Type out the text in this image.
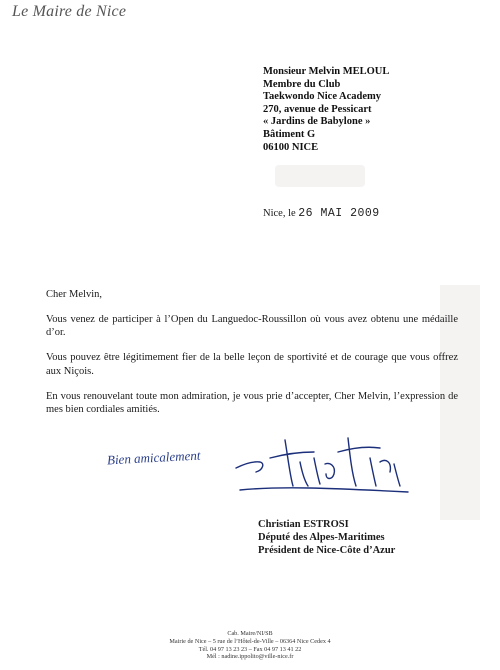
Le Maire de Nice
Monsieur Melvin MELOUL
Membre du Club
Taekwondo Nice Academy
270, avenue de Pessicart
« Jardins de Babylone »
Bâtiment G
06100 NICE
Nice, le 26 MAI 2009

Cher Melvin,

Vous venez de participer à l’Open du Languedoc-Roussillon où vous avez obtenu une médaille d’or.

Vous pouvez être légitimement fier de la belle leçon de sportivité et de courage que vous offrez aux Niçois.

En vous renouvelant toute mon admiration, je vous prie d’accepter, Cher Melvin, l’expression de mes bien cordiales amitiés.

Bien amicalement
Christian ESTROSI
Député des Alpes-Maritimes
Président de Nice-Côte d’Azur
Cab. Maire/NI/SB
Mairie de Nice – 5 rue de l’Hôtel-de-Ville – 06364 Nice Cedex 4
Tél. 04 97 13 23 23 – Fax 04 97 13 41 22
Mél : nadine.ippolito@ville-nice.fr
